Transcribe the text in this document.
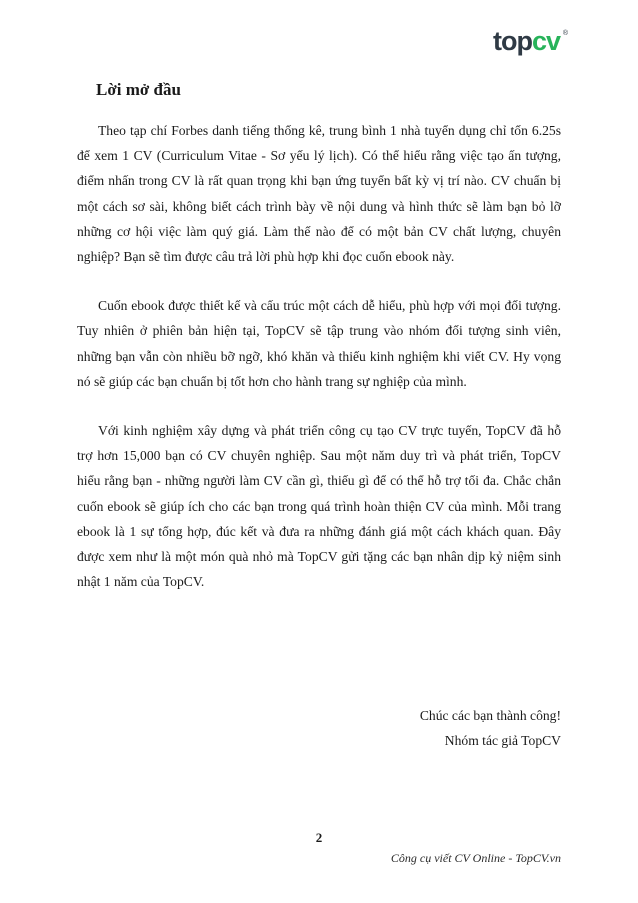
topcv ®
Lời mở đầu

Theo tạp chí Forbes danh tiếng thống kê, trung bình 1 nhà tuyển dụng chỉ tốn 6.25s để xem 1 CV (Curriculum Vitae - Sơ yếu lý lịch). Có thể hiểu rằng việc tạo ấn tượng, điểm nhấn trong CV là rất quan trọng khi bạn ứng tuyển bất kỳ vị trí nào. CV chuẩn bị một cách sơ sài, không biết cách trình bày về nội dung và hình thức sẽ làm bạn bỏ lỡ những cơ hội việc làm quý giá. Làm thế nào để có một bản CV chất lượng, chuyên nghiệp? Bạn sẽ tìm được câu trả lời phù hợp khi đọc cuốn ebook này.

Cuốn ebook được thiết kế và cấu trúc một cách dễ hiểu, phù hợp với mọi đối tượng. Tuy nhiên ở phiên bản hiện tại, TopCV sẽ tập trung vào nhóm đối tượng sinh viên, những bạn vẫn còn nhiều bỡ ngỡ, khó khăn và thiếu kinh nghiệm khi viết CV. Hy vọng nó sẽ giúp các bạn chuẩn bị tốt hơn cho hành trang sự nghiệp của mình.

Với kinh nghiệm xây dựng và phát triển công cụ tạo CV trực tuyến, TopCV đã hỗ trợ hơn 15,000 bạn có CV chuyên nghiệp. Sau một năm duy trì và phát triển, TopCV hiểu rằng bạn - những người làm CV cần gì, thiếu gì để có thể hỗ trợ tối đa. Chắc chắn cuốn ebook sẽ giúp ích cho các bạn trong quá trình hoàn thiện CV của mình. Mỗi trang ebook là 1 sự tổng hợp, đúc kết và đưa ra những đánh giá một cách khách quan. Đây được xem như là một món quà nhỏ mà TopCV gửi tặng các bạn nhân dịp kỷ niệm sinh nhật 1 năm của TopCV.

Chúc các bạn thành công!
Nhóm tác giả TopCV
2
Công cụ viết CV Online - TopCV.vn
